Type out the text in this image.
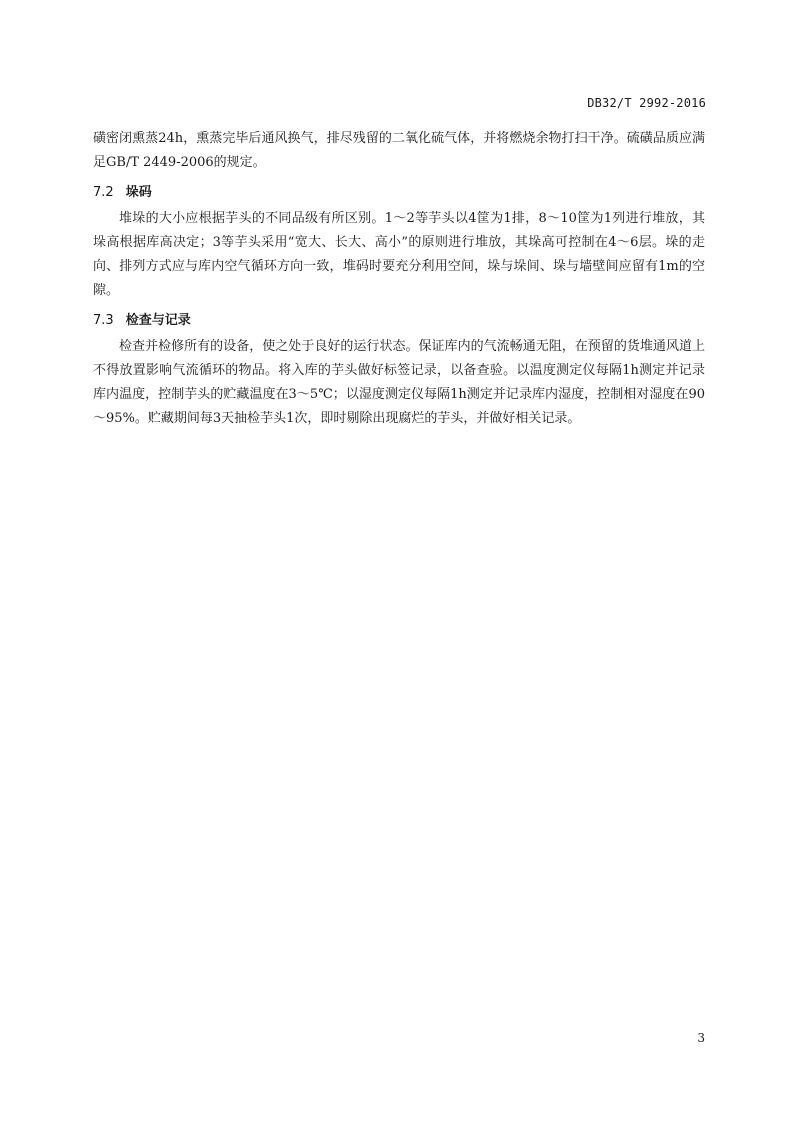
DB32/T 2992-2016

磺密闭熏蒸24h，熏蒸完毕后通风换气，排尽残留的二氧化硫气体，并将燃烧余物打扫干净。硫磺品质应满足GB/T 2449-2006的规定。

7.2 垛码

堆垛的大小应根据芋头的不同品级有所区别。1～2等芋头以4筐为1排，8～10筐为1列进行堆放，其垛高根据库高决定；3等芋头采用“宽大、长大、高小”的原则进行堆放，其垛高可控制在4～6层。垛的走向、排列方式应与库内空气循环方向一致，堆码时要充分利用空间，垛与垛间、垛与墙壁间应留有1m的空隙。

7.3 检查与记录

检查并检修所有的设备，使之处于良好的运行状态。保证库内的气流畅通无阻，在预留的货堆通风道上不得放置影响气流循环的物品。将入库的芋头做好标签记录，以备查验。以温度测定仪每隔1h测定并记录库内温度，控制芋头的贮藏温度在3～5℃；以湿度测定仪每隔1h测定并记录库内湿度，控制相对湿度在90～95%。贮藏期间每3天抽检芋头1次，即时剔除出现腐烂的芋头，并做好相关记录。

3
